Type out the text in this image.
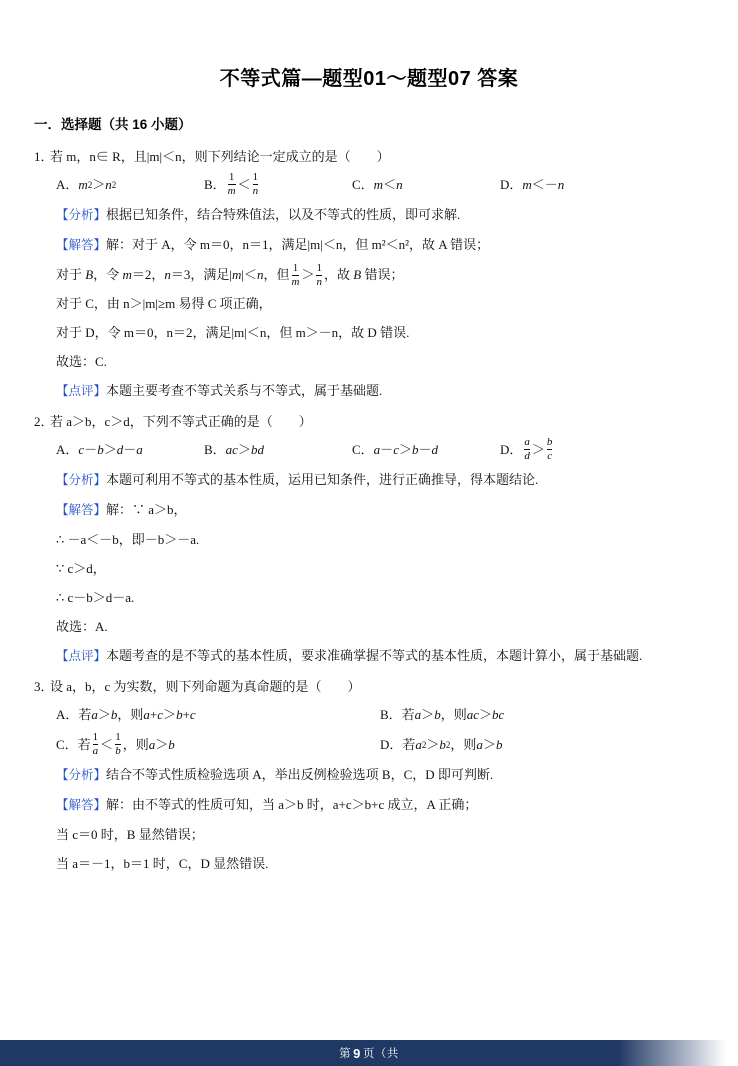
不等式篇—题型01～题型07 答案
一．选择题（共 16 小题）
1．若 m，n∈ R，且|m|＜n，则下列结论一定成立的是（　　）
A． m 2 ＞ n 2	B． $\frac{1}{m} < \frac{1}{n}$	C． m ＜ n	D． m ＜－ n
【分析】根据已知条件，结合特殊值法，以及不等式的性质，即可求解.
【解答】解：对于 A，令 m＝0，n＝1，满足|m|＜n，但 m²＜n²，故 A 错误；
对于 B，令 m＝2，n＝3，满足|m|＜n，但 $\frac{1}{m} > \frac{1}{n}$ ，故 B 错误；
对于 C，由 n＞|m|≥m 易得 C 项正确，
对于 D，令 m＝0，n＝2，满足|m|＜n，但 m＞－n，故 D 错误.
故选：C.
【点评】本题主要考查不等式关系与不等式，属于基础题.
2．若 a＞b，c＞d，下列不等式正确的是（　　）
A． c － b ＞ d － a	B． ac ＞ bd	C． a － c ＞ b － d	D． $\frac{a}{d} > \frac{b}{c}$
【分析】本题可利用不等式的基本性质，运用已知条件，进行正确推导，得本题结论.
【解答】解：∵ a＞b，
∴ －a＜－b，即－b＞－a.
∵ c＞d，
∴ c－b＞d－a.
故选：A.
【点评】本题考查的是不等式的基本性质，要求准确掌握不等式的基本性质，本题计算小，属于基础题.
3．设 a，b，c 为实数，则下列命题为真命题的是（　　）
A．若 a ＞ b ，则 a + c ＞ b + c	B．若 a ＞ b ，则 ac ＞ bc
C．若 $\frac{1}{a} < \frac{1}{b}$ ，则 a ＞ b	D．若 a 2 ＞ b 2 ，则 a ＞ b
【分析】结合不等式性质检验选项 A，举出反例检验选项 B，C，D 即可判断.
【解答】解：由不等式的性质可知，当 a＞b 时，a+c＞b+c 成立，A 正确；
当 c＝0 时，B 显然错误；
当 a＝－1，b＝1 时，C，D 显然错误.
第 9 页（共
